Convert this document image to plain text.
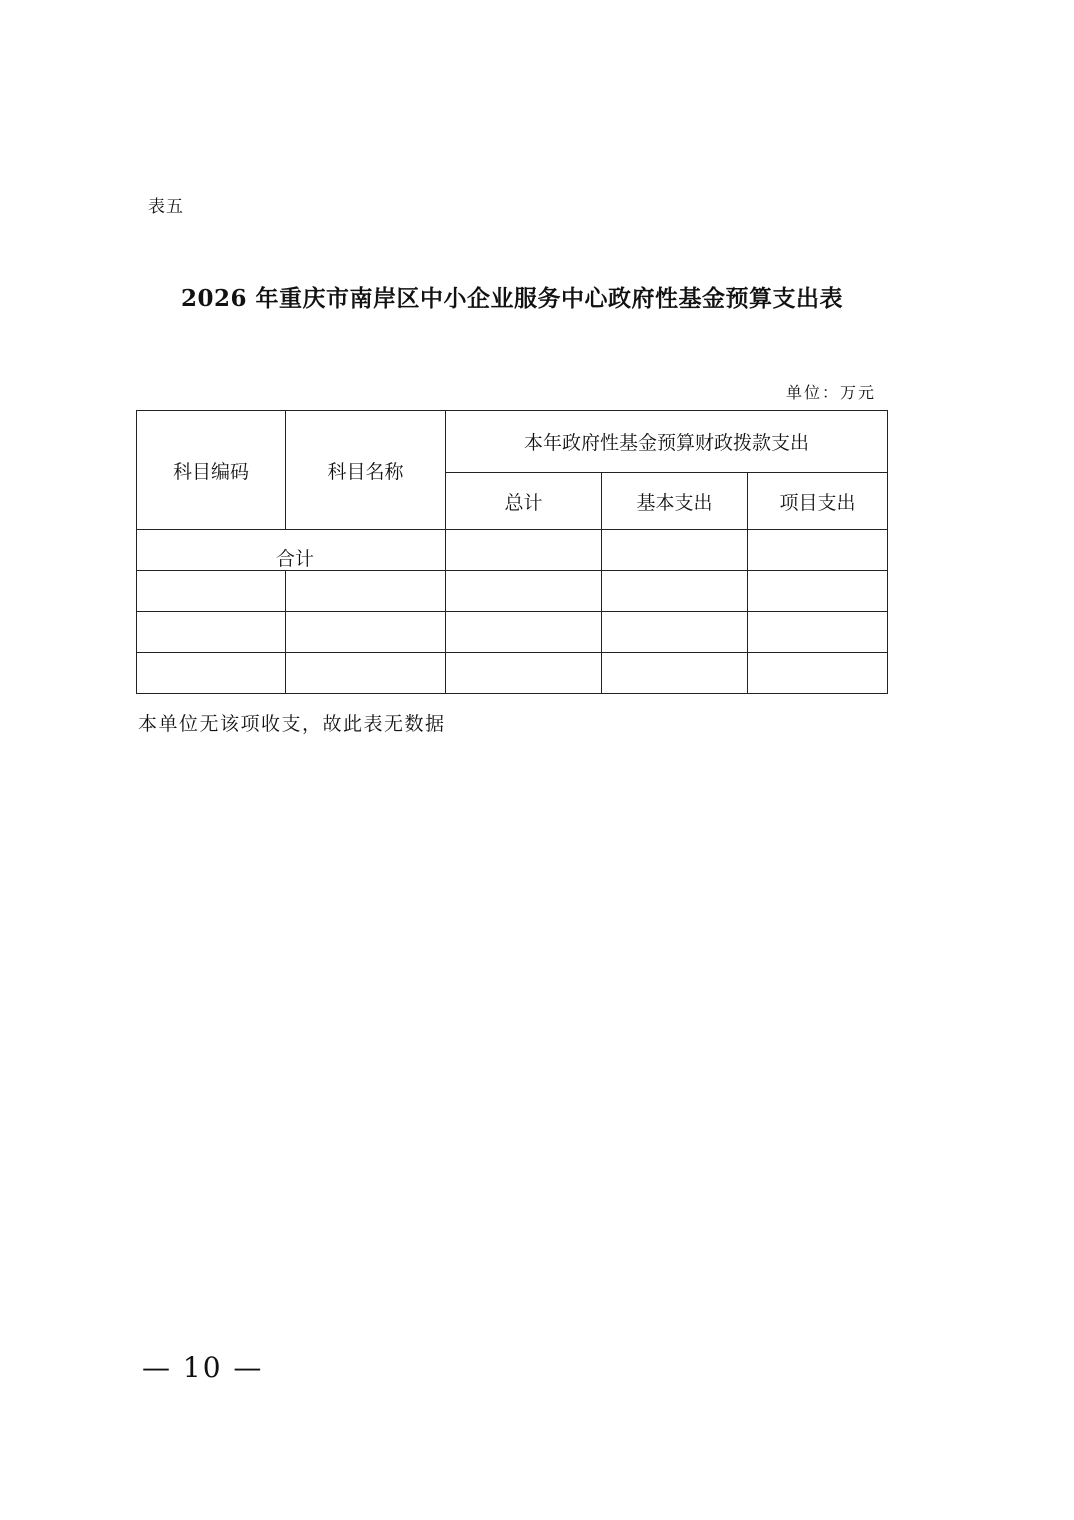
表五
2026 年重庆市南岸区中小企业服务中心政府性基金预算支出表
单位：万元
科目编码	科目名称	本年政府性基金预算财政拨款支出		
		总计	基本支出	项目支出
合计				

本单位无该项收支，故此表无数据
— 10 —
